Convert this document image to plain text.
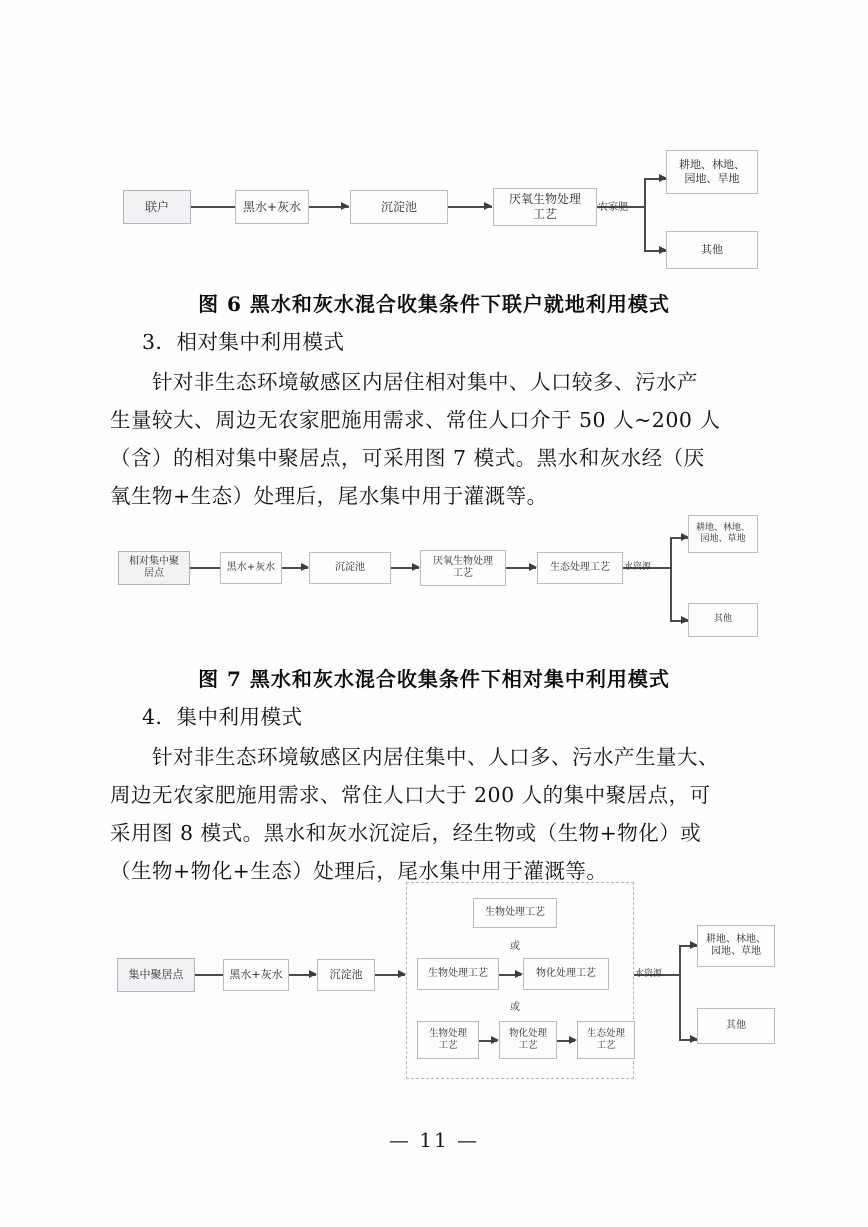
联户	黑水+灰水	沉淀池
厌氧生物处理
工艺	农家肥
耕地、林地、
园地、旱地
其他
图 6 黑水和灰水混合收集条件下联户就地利用模式
3．相对集中利用模式
针对非生态环境敏感区内居住相对集中、人口较多、污水产
生量较大、周边无农家肥施用需求、常住人口介于 50 人~200 人
（含）的相对集中聚居点，可采用图 7 模式。黑水和灰水经（厌
氧生物+生态）处理后，尾水集中用于灌溉等。
相对集中聚
居点
黑水+灰水	沉淀池
厌氧生物处理
工艺
生态处理工艺	水资源
耕地、林地、
园地、草地
其他
图 7 黑水和灰水混合收集条件下相对集中利用模式
4．集中利用模式
针对非生态环境敏感区内居住集中、人口多、污水产生量大、
周边无农家肥施用需求、常住人口大于 200 人的集中聚居点，可
采用图 8 模式。黑水和灰水沉淀后，经生物或（生物+物化）或
（生物+物化+生态）处理后，尾水集中用于灌溉等。
集中聚居点	黑水+灰水	沉淀池
生物处理工艺
或
生物处理工艺	物化处理工艺
或
生物处理
工艺
物化处理
工艺
生态处理
工艺
水资源
耕地、林地、
园地、草地
其他
— 11 —
